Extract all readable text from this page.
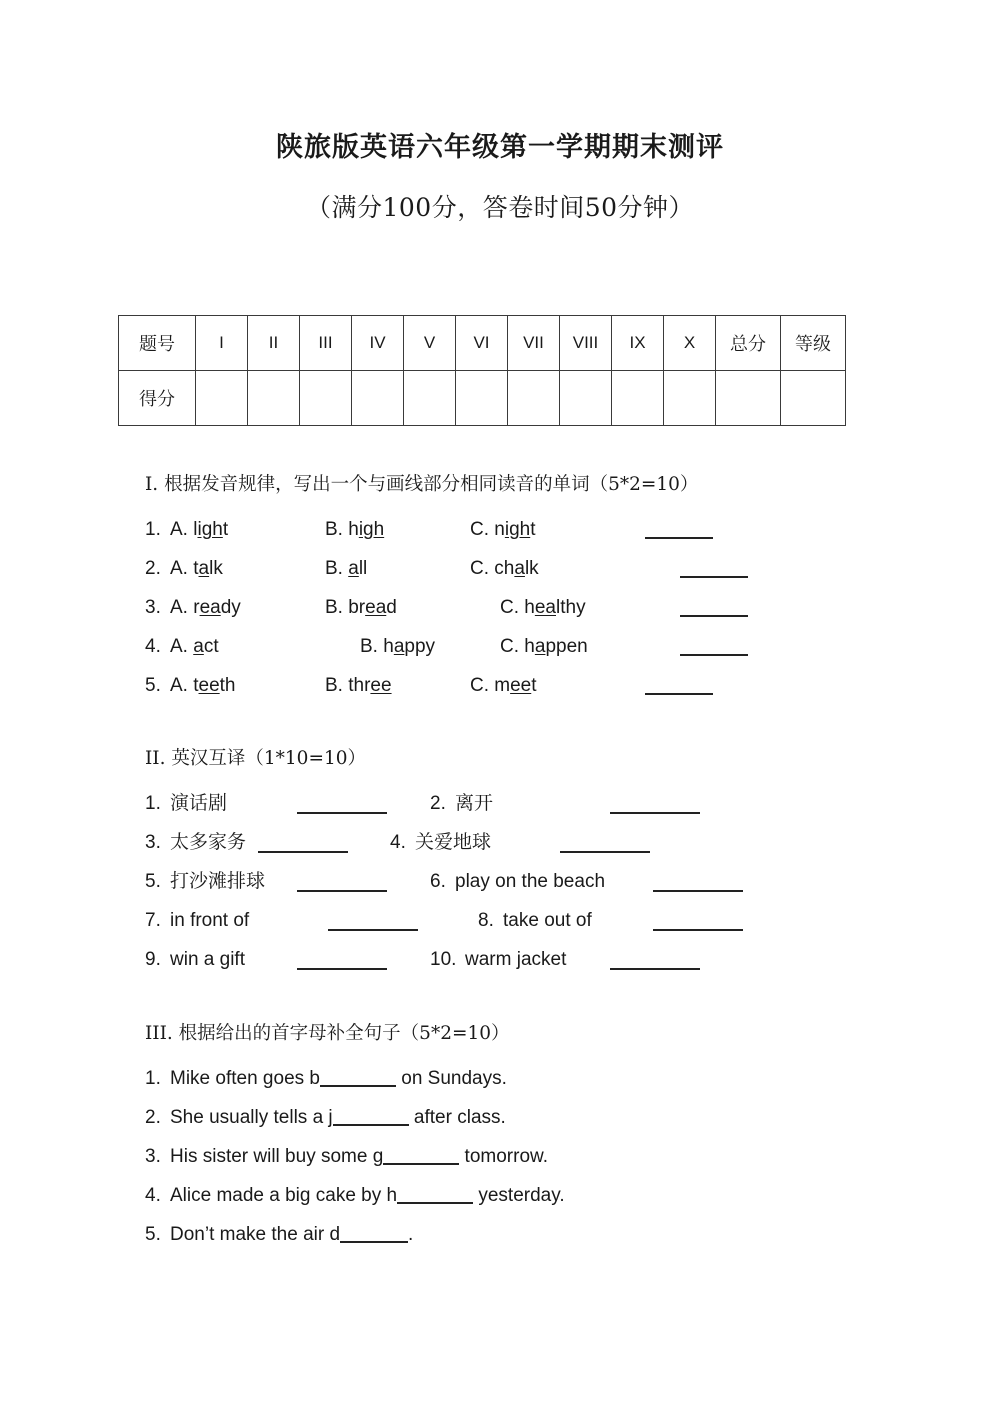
陕旅版英语六年级第一学期期末测评
（满分100分，答卷时间50分钟）
题号	I	II	III	IV	V	VI	VII	VIII	IX	X	总分	等级
得分												
I. 根据发音规律，写出一个与画线部分相同读音的单词（5*2=10）
1. A. light	B. high	C. night
2. A. talk	B. all	C. chalk
3. A. ready	B. bread	C. healthy
4. A. act	B. happy	C. happen
5. A. teeth	B. three	C. meet
II. 英汉互译（1*10=10）
1. 演话剧	2. 离开
3. 太多家务	4. 关爱地球
5. 打沙滩排球	6. play on the beach
7. in front of	8. take out of
9. win a gift	10. warm jacket
III. 根据给出的首字母补全句子（5*2=10）
1. Mike often goes b	on Sundays.
2. She usually tells a j	after class.
3. His sister will buy some g	tomorrow.
4. Alice made a big cake by h	yesterday.
5. Don’t make the air d	.
